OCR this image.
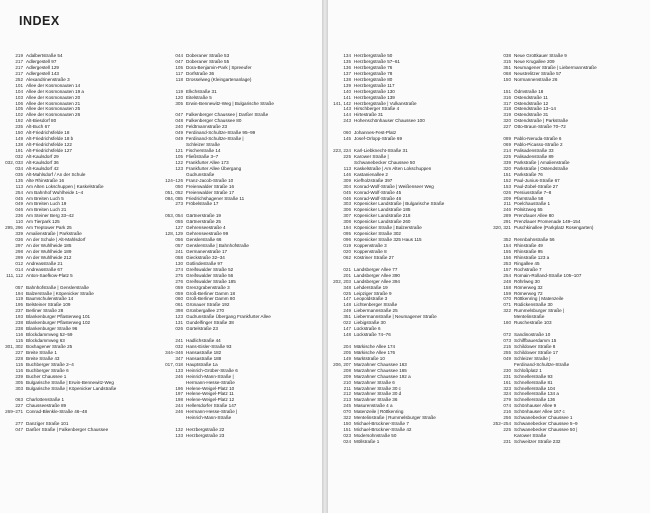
INDEX
219 Adalbertstraße 54
217 Adlergestell 97
217 Adlergestell 129
217 Adlergestell 143
252 Alexandrinenstraße 3
101 Allee der Kosmonauten 14
104 Allee der Kosmonauten 19 a
103 Allee der Kosmonauten 20
106 Allee der Kosmonauten 21
105 Allee der Kosmonauten 25
102 Allee der Kosmonauten 26
192 Alt-Biesdorf 80
235 Alt-Buch 67
150 Alt-Friedrichsfelde 18
149 Alt-Friedrichsfelde 18 b
138 Alt-Friedrichsfelde 122
191 Alt-Friedrichsfelde 127
032 Alt-Kaulsdorf 29
032, 033 Alt-Kaulsdorf 36
034 Alt-Kaulsdorf 42
035 Alt-Mahlsdorf / An der Schule
135 Alte Rhinstraße 16
113 Am Alten Lokschuppen | Kaskelstraße
254 Am Bahnhof Wuhlheide 1–4
045 Am Breiten Luch 5
049 Am Breiten Luch 19
046 Am Breiten Luch 21
236 Am Steiner Berg 33–42
110 Am Tierpark 125
295, 296 Am Treptower Park 25
339 Amalienstraße | Parkstraße
036 An der Schule | Alt-Mahlsdorf
297 An der Wuhlheide 185
298 An der Wuhlheide 189
299 An der Wuhlheide 212
012 Andreasstraße 21
014 Andreasstraße 67
111, 112 Anton-Saefkow-Platz 5
057 Bahnhofstraße | Genslerstraße
194 Balzerstraße | Köpenicker Straße
119 Baumschulenstraße 14
195 Belsteiner Straße 109
237 Berliner Straße 28
193 Blankenburger Pflasterweg 101
238 Blankenburger Pflasterweg 102
238 Blankenburger Straße 96
116 Blockdammweg 52–59
115 Blockdammweg 63
301, 302 Boxhagener Straße 25
227 Breite Straße 1
228 Breite Straße 43
115 Buchberger Straße 2–4
116 Buchberger Straße 6
239 Bucher Chaussee 1
305 Bulgarische Straße | Erwin-Bennewitz-Weg
303 Bulgarische Straße | Köpenicker Landstraße
063 Charlottenstraße 1
227 Chausseestraße 89
269–271 Conrad-Blenkle-Straße 46–48
277 Danziger Straße 101
047 Darßer Straße | Falkenberger Chaussee
044 Doberaner Straße 53
047 Doberaner Straße 55
105 Dora-Benjamin-Park | Spreeufer
117 Dorfstraße 36
118 Drosselweg (Kleingartenanlage)
119 Elkchstraße 31
120 Eitelstraße 5
305 Erwin-Bennewitz-Weg | Bulgarische Straße
047 Falkenberger Chaussee | Darßer Straße
048 Falkenberger Chaussee 80
240 Feldtmannstraße 23
049 Ferdinand-Schultze-Straße 95–99
049 Ferdinand-Schultze-Straße |
Schleizer Straße
121 Fischerstraße 14
105 Fließstraße 3–7
122 Frankfurter Allee 173
123 Frankfurter Allee Übergang
Gudrunstraße
124–126 Franz-Jacob-Straße 10
050 Freienwalder Straße 16
051, 052 Freienwalder Straße 17
084, 085 Friedrichshagener Straße 11
273 Fröbelstraße 17
053, 054 Gärtnerstraße 19
055 Gärtnerstraße 25
127 Gehrenseestraße 4
128, 129 Gehrenseestraße 99
056 Genslerstraße 66
057 Genslerstraße | Bahnhofstraße
241 Germanenstraße 17
058 Gieckstraße 32–34
130 Gotlindestraße 97
274 Greifswalder Straße 52
275 Greifswalder Straße 56
276 Greifswalder Straße 185
059 Grenzgrabenstraße 3
059 Groß-Berliner Damm 18
060 Groß-Berliner Damm 80
061 Grünauer Straße 192
398 Grünbergallee 270
123 Gudrunstraße Übergang Frankfurter Allee
131 Gundelfinger Straße 38
026 Gürtelstraße 23
241 Hadlichstraße 44
032 Hans-Eisler-Straße 93
344–346 Hansastraße 182
347 Hansastraße 188
017, 018 Hauptstraße 1a
133 Heinrich-Grüber-Straße 6
246 Heinrich-Mann-Straße |
Hermann-Hesse-Straße
196 Helene-Weigel-Platz 10
197 Helene-Weigel-Platz 11
198 Helene-Weigel-Platz 12
244 Hellersdorfer Straße 147
246 Hermann-Hesse-Straße |
Heinrich-Mann-Straße
132 Herzbergstraße 22
133 Herzbergstraße 23
134 Herzbergstraße 50
135 Herzbergstraße 57–61
136 Herzbergstraße 76
137 Herzbergstraße 78
138 Herzbergstraße 80
139 Herzbergstraße 117
140 Herzbergstraße 130
141 Herzbergstraße 139
141, 142 Herzbergstraße | Vulkanstraße
143 Hirschberger Straße 4
144 Hirtestraße 31
243 Hohenschönhauser Chaussee 100
060 Johannes-Fest-Platz
145 Josef-Orlopp-Straße 69
223, 224 Karl-Liebknecht-Straße 31
225 Karower Straße |
Schwanebecker Chaussee 50
113 Kaskelstraße | Am Alten Lokschuppen
146 Kastanienallee 2
309 Kiefholzstraße 397
304 Konrad-Wolf-Straße | Weißenseer Weg
045 Konrad-Wolf-Straße 45
046 Konrad-Wolf-Straße 46
303 Köpenicker Landstraße | Bulgarische Straße
306 Köpenicker Landstraße 185
307 Köpenicker Landstraße 218
308 Köpenicker Landstraße 260
194 Köpenicker Straße | Balzerstraße
095 Köpenicker Straße 302
096 Köpenicker Straße 325 Haus 115
019 Koppenstraße 3
020 Koppenstraße 8
062 Köstriner Straße 27
021 Landsberger Allee 77
201 Landsberger Allee 390
202, 203 Landsberger Allee 394
348 Lehderstraße 19
025 Leipziger Straße 9
147 Leopoldstraße 3
148 Lichtenberger Straße
249 Liebermannstraße 25
351 Liebermannstraße | Neumagener Straße
022 Liebigstraße 30
147 Lückstraße 6
148 Lückstraße 74–76
204 Märkische Allee 174
205 Märkische Allee 176
149 Marktstraße 10
206, 207 Marzahner Chaussee 163
208 Marzahner Chaussee 165
209 Marzahner Chaussee 192 a
210 Marzahner Straße 6
211 Marzahner Straße 30 c
212 Marzahner Straße 30 d
213 Marzahner Straße 36
245 Masurenstraße 4 a
070 Matenzeile | Röttkenring
322 Mentelinstraße | Rummelsburger Straße
150 Michael-Brückner-Straße 7
151 Michael-Brückner-Straße 42
023 Modersohnstraße 50
024 Möllstraße 1
038 Neue Grottkauer Straße 9
315 Neue Krugallee 209
351 Neumagener Straße | Liebermannstraße
068 Neustrelitzer Straße 57
150 Normannenstraße 26
151 Ödmstraße 18
316 Ostendstraße 11
317 Ostendstraße 12
318 Ostendstraße 13–14
319 Ostendstraße 31
320 Ostendstraße | Parkstraße
227 Otto-Braun-Straße 70–72
089 Pablo-Neruda-Straße 6
069 Pablo-Picasso-Straße 2
214 Palisadenstraße 33
225 Palisadenstraße 89
339 Parkstraße | Amalienstraße
320 Parkstraße | Ostendstraße
151 Parkstraße 76
152 Paul-Junius-Straße 67
153 Paul-Zobel-Straße 27
026 Persiusstraße 7–8
209 Pfarrstraße 58
211 Poelchaustraße 1
246 Pölnitzweg 55
289 Prenzlauer Allee 80
291 Prenzlauer Promenade 149–154
320, 321 Puschkinallee (Parkplatz Rosengarten)
352 Rennbahnstraße 56
154 Rhinstraße 49
155 Rhinstraße 95
156 Rhinstraße 123 a
253 Ringallee 45
157 Rochstraße 7
254 Romain-Rolland-Straße 105–107
248 Röhrlweg 30
158 Römerweg 32
159 Römerweg 72
070 Röttkenring | Matenzeile
071 Rüdickenstraße 30
322 Rummelsburger Straße |
Mentelinstraße
160 Ruschestraße 103
072 Sandinostraße 10
073 Schiffbauerdamm 15
215 Schildower Straße 8
255 Schildower Straße 17
049 Schleizer Straße |
Ferdinand-Schultze-Straße
230 Schloßplatz 1
231 Schnellerstraße 93
161 Schnellerstraße 81
323 Schnellerstraße 104
324 Schnellerstraße 134 a
279 Schnellerstraße 136
074 Schönhauser Allee 9
216 Schönhauser Allee 167 c
256 Schwanebecker Chaussee 1
252–254 Schwanebecker Chaussee 5–9
225 Schwanebecker Chaussee 50 |
Karower Straße
231 Schweitzer Straße 232
